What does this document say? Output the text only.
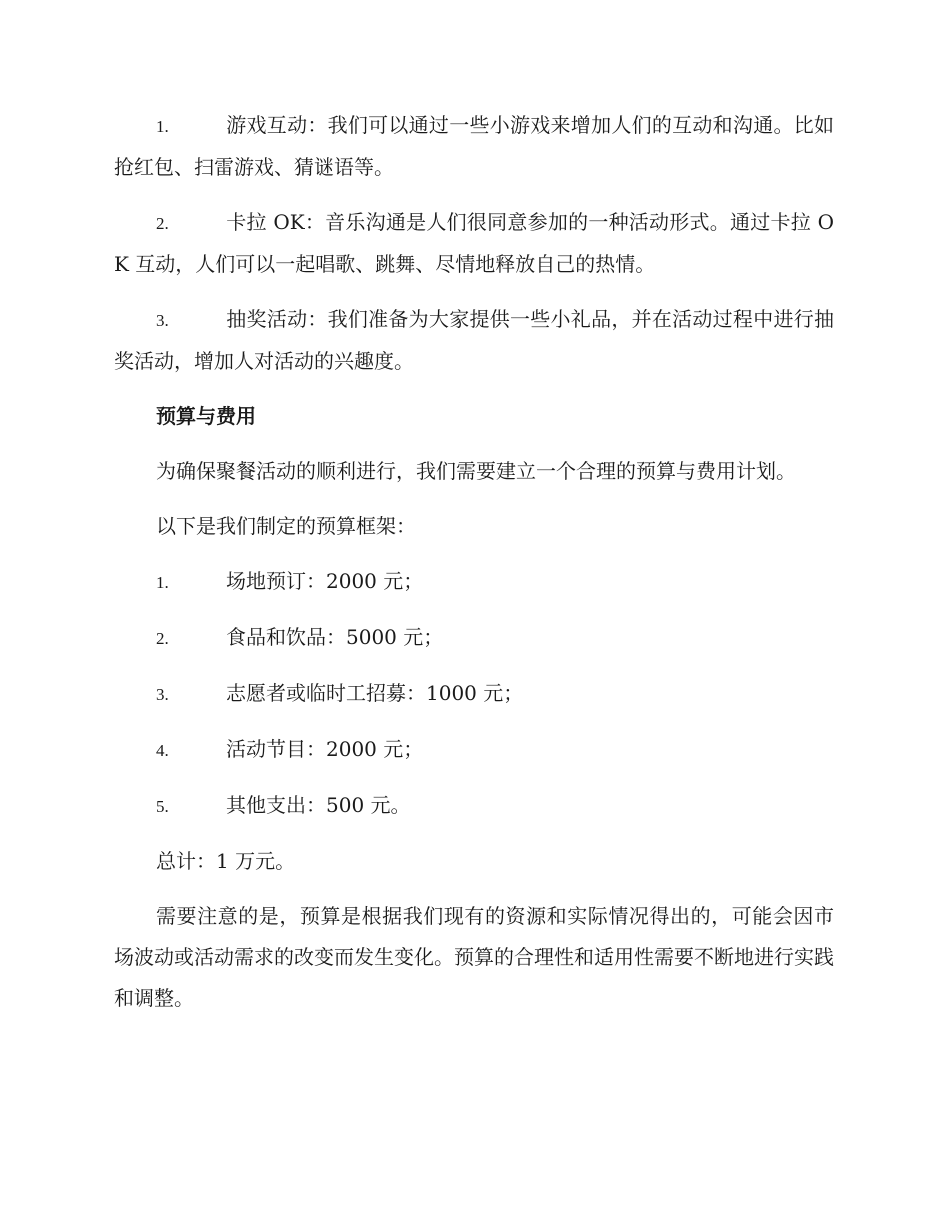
1.	游戏互动：我们可以通过一些小游戏来增加人们的互动和沟通。比如抢红包、扫雷游戏、猜谜语等。

2.	卡拉 OK：音乐沟通是人们很同意参加的一种活动形式。通过卡拉 OK 互动，人们可以一起唱歌、跳舞、尽情地释放自己的热情。

3.	抽奖活动：我们准备为大家提供一些小礼品，并在活动过程中进行抽奖活动，增加人对活动的兴趣度。

预算与费用

为确保聚餐活动的顺利进行，我们需要建立一个合理的预算与费用计划。

以下是我们制定的预算框架：

1.	场地预订：2000 元；

2.	食品和饮品：5000 元；

3.	志愿者或临时工招募：1000 元；

4.	活动节目：2000 元；

5.	其他支出：500 元。

总计：1 万元。

需要注意的是，预算是根据我们现有的资源和实际情况得出的，可能会因市场波动或活动需求的改变而发生变化。预算的合理性和适用性需要不断地进行实践和调整。
